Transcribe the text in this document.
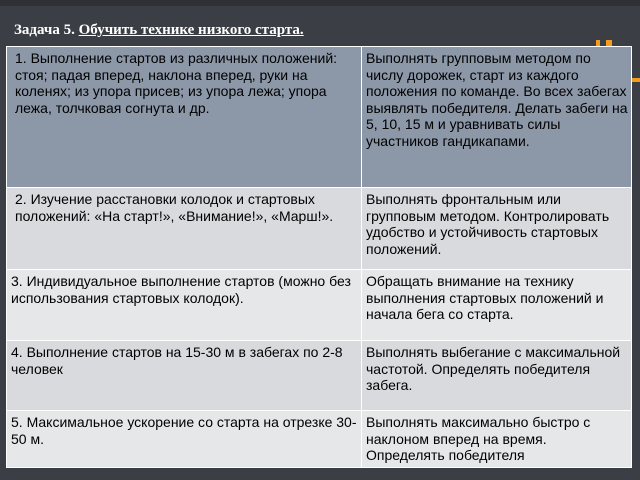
Задача 5. Обучить технике низкого старта.
1. Выполнение стартов из различных положений: стоя; падая вперед, наклона вперед, руки на коленях; из упора присев; из упора лежа; упора лежа, толчковая согнута и др.	Выполнять групповым методом по числу дорожек, старт из каждого положения по команде. Во всех забегах выявлять победителя. Делать забеги на 5, 10, 15 м и уравнивать силы участников гандикапами.
2. Изучение расстановки колодок и стартовых положений: «На старт!», «Внимание!», «Марш!».	Выполнять фронтальным или групповым методом. Контролировать удобство и устойчивость стартовых положений.
3. Индивидуальное выполнение стартов (можно без использования стартовых колодок).	Обращать внимание на технику выполнения стартовых положений и начала бега со старта.
4. Выполнение стартов на 15-30 м в забегах по 2-8 человек	Выполнять выбегание с максимальной частотой. Определять победителя забега.
5. Максимальное ускорение со старта на отрезке 30-50 м.	Выполнять максимально быстро с наклоном вперед на время. Определять победителя
